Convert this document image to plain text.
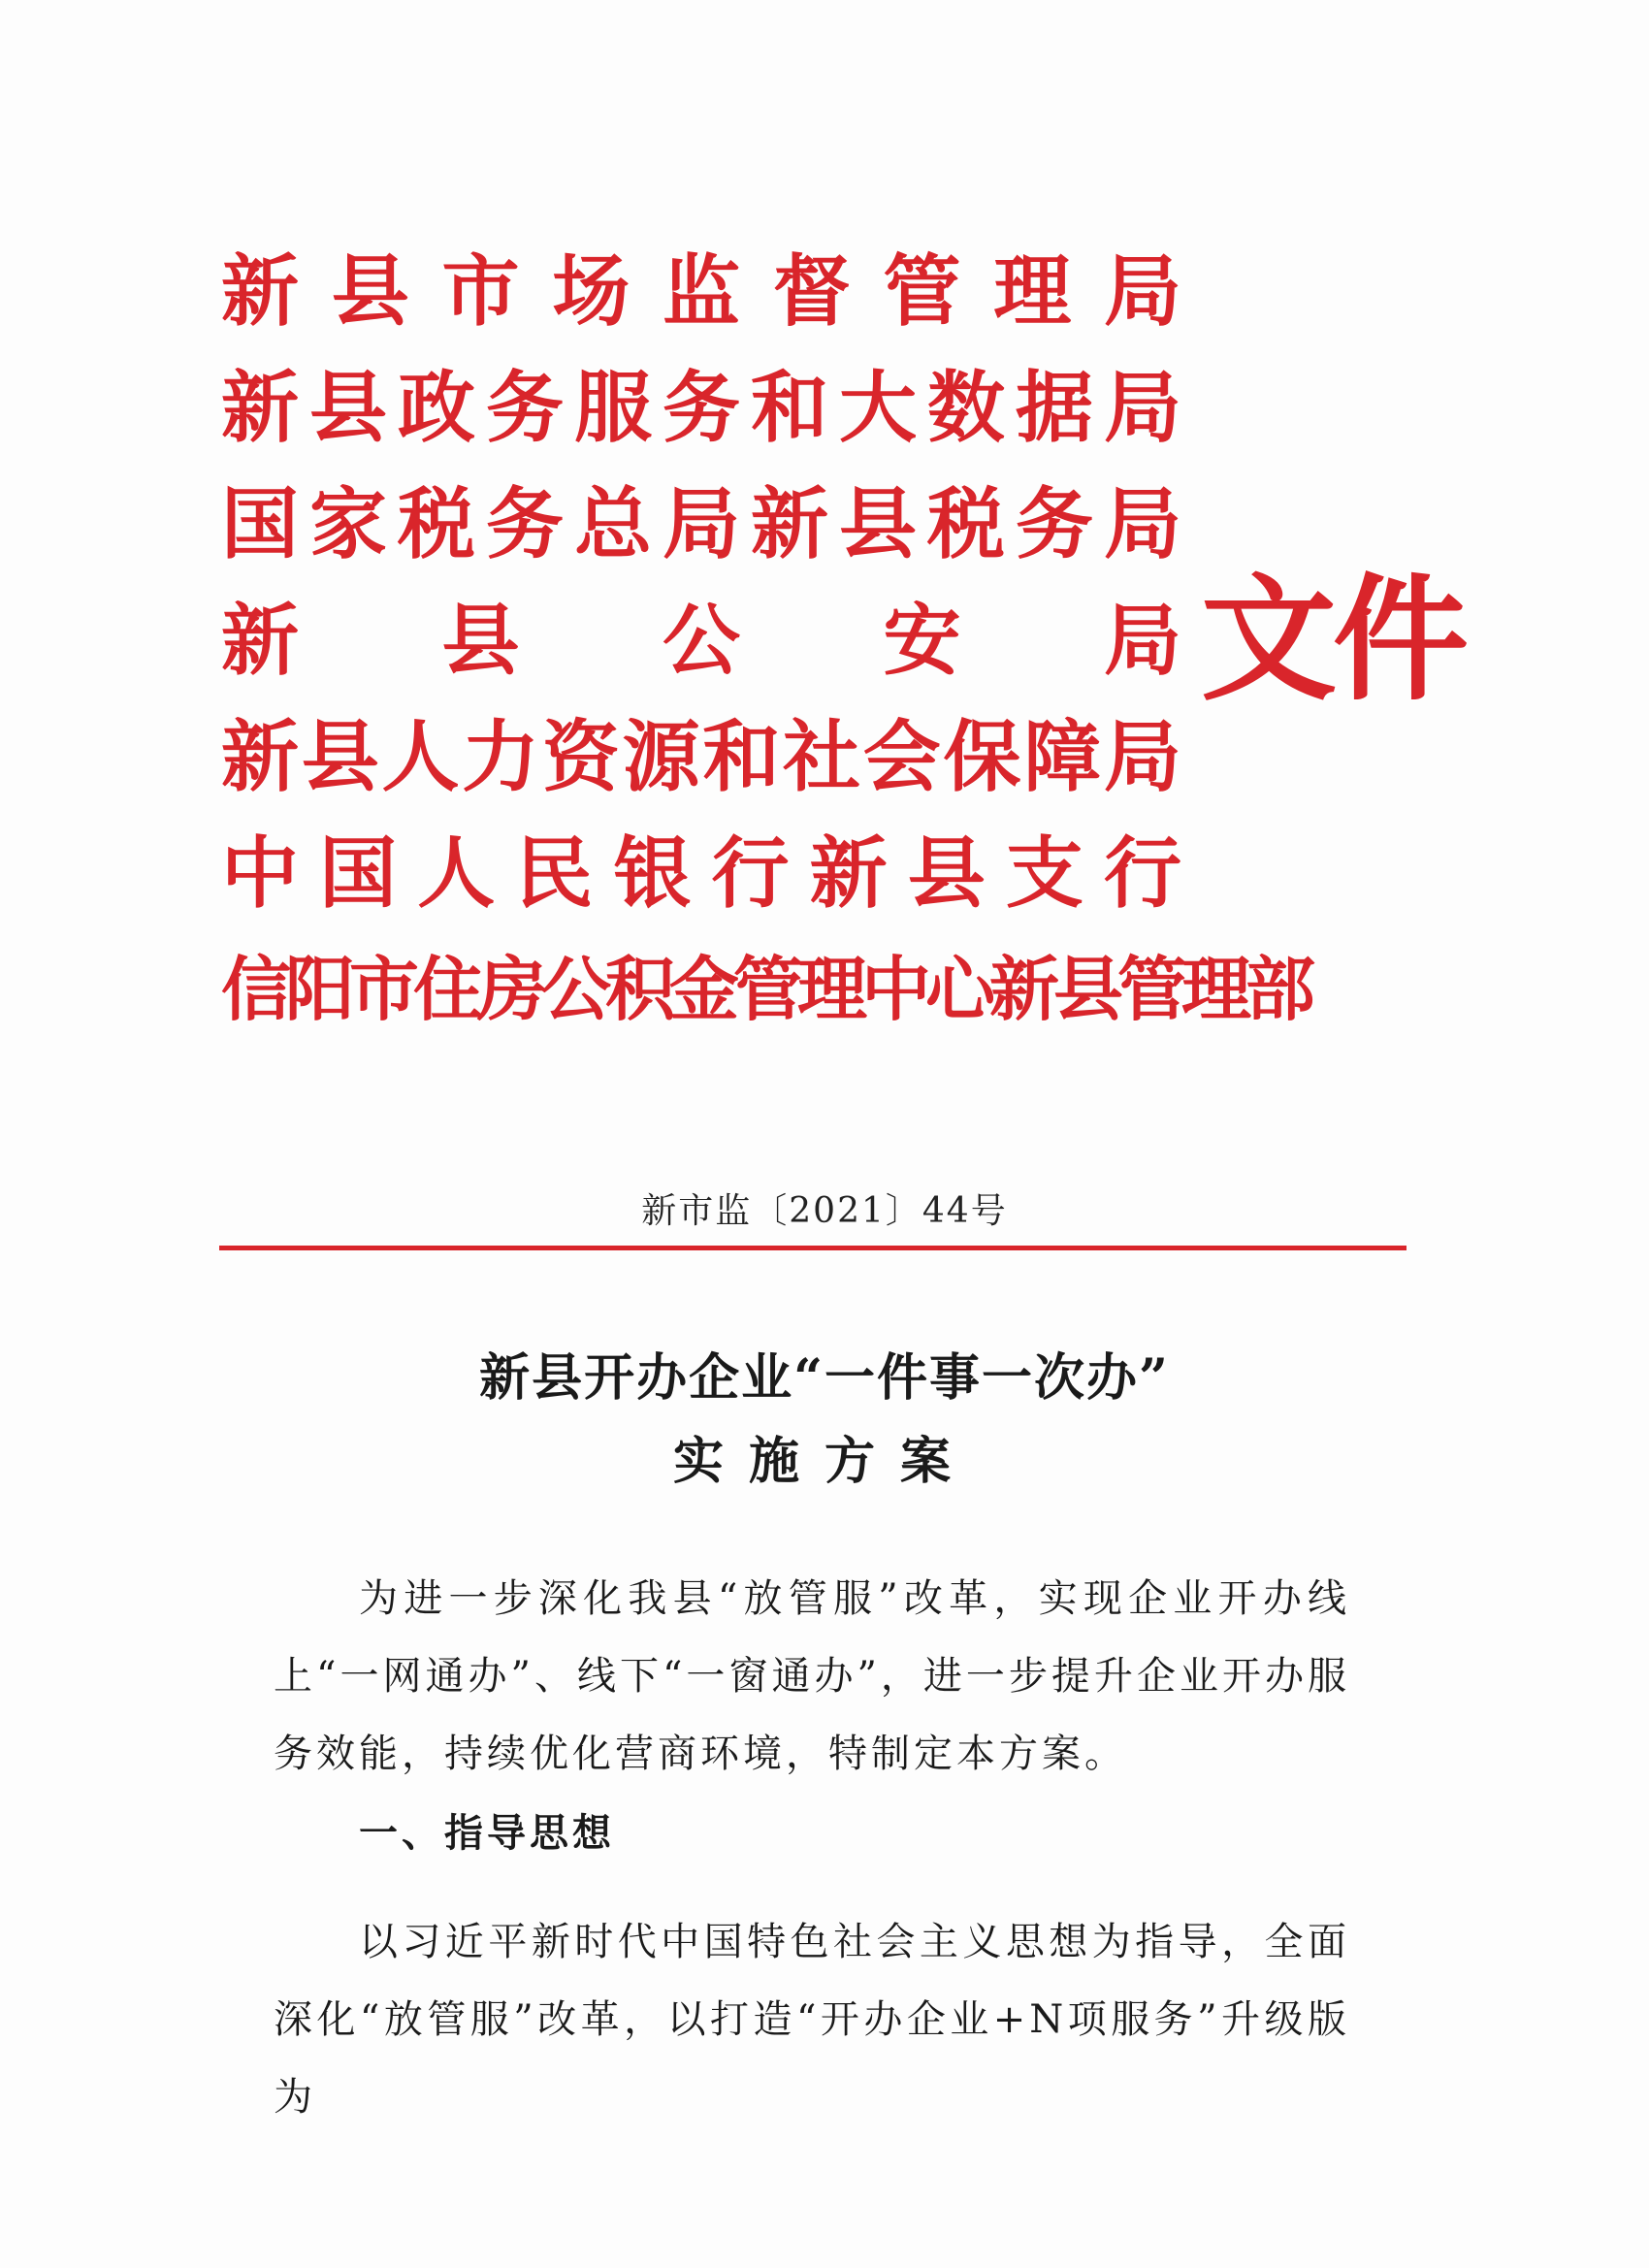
新 县 市 场 监 督 管 理 局
新 县 政 务 服 务 和 大 数 据 局
国 家 税 务 总 局 新 县 税 务 局
新 县 公 安 局
新 县 人 力 资 源 和 社 会 保 障 局
中 国 人 民 银 行 新 县 支 行
信阳市住房公积金管理中心新县管理部
文件
新市监〔2021〕44号
新县开办企业“一件事一次办”
实施方案
为进一步深化我县“放管服”改革，实现企业开办线上“一网通办”、线下“一窗通办”，进一步提升企业开办服务效能，持续优化营商环境，特制定本方案。
一、指导思想
以习近平新时代中国特色社会主义思想为指导，全面深化“放管服”改革，以打造“开办企业+N项服务”升级版为
